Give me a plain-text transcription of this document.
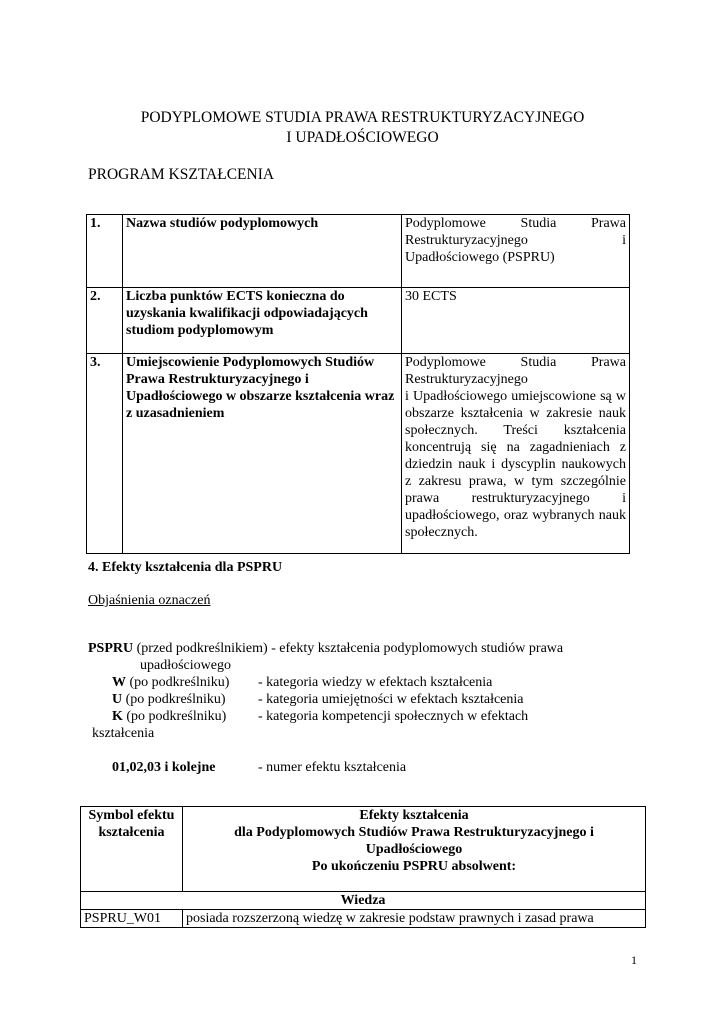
PODYPLOMOWE STUDIA PRAWA RESTRUKTURYZACYJNEGO
I UPADŁOŚCIOWEGO
PROGRAM KSZTAŁCENIA
1.	Nazwa studiów podyplomowych	Podyplomowe Studia Prawa
Restrukturyzacyjnego i
Upadłościowego (PSPRU)
2.	Liczba punktów ECTS konieczna do uzyskania kwalifikacji odpowiadających studiom podyplomowym	30 ECTS
3.	Umiejscowienie Podyplomowych Studiów Prawa Restrukturyzacyjnego i Upadłościowego w obszarze kształcenia wraz z uzasadnieniem	Podyplomowe Studia Prawa
Restrukturyzacyjnego
i Upadłościowego umiejscowione są w obszarze kształcenia w zakresie nauk społecznych. Treści kształcenia koncentrują się na zagadnieniach z dziedzin nauk i dyscyplin naukowych z zakresu prawa, w tym szczególnie prawa restrukturyzacyjnego i upadłościowego, oraz wybranych nauk społecznych.
4. Efekty kształcenia dla PSPRU
Objaśnienia oznaczeń
PSPRU (przed podkreślnikiem) - efekty kształcenia podyplomowych studiów prawa
upadłościowego
W (po podkreślniku) - kategoria wiedzy w efektach kształcenia
U (po podkreślniku) - kategoria umiejętności w efektach kształcenia
K (po podkreślniku) - kategoria kompetencji społecznych w efektach
kształcenia
01,02,03 i kolejne	- numer efektu kształcenia
Symbol efektu kształcenia	Efekty kształcenia
dla Podyplomowych Studiów Prawa Restrukturyzacyjnego i Upadłościowego
Po ukończeniu PSPRU absolwent:

Wiedza	
PSPRU_W01	posiada rozszerzoną wiedzę w zakresie podstaw prawnych i zasad prawa
1
